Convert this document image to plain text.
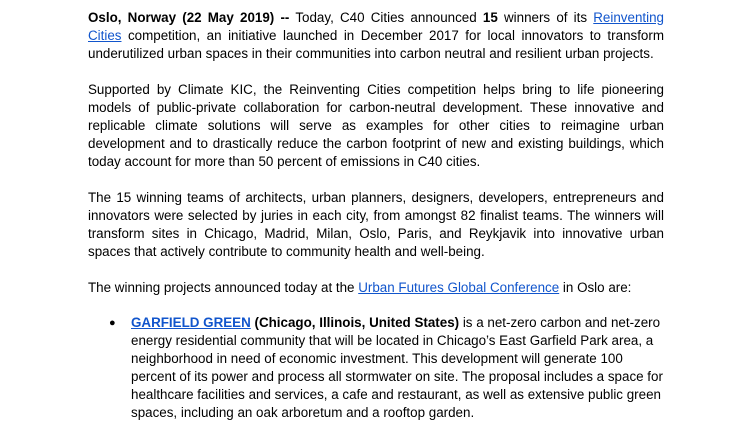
Oslo, Norway (22 May 2019) -- Today, C40 Cities announced 15 winners of its Reinventing Cities competition, an initiative launched in December 2017 for local innovators to transform underutilized urban spaces in their communities into carbon neutral and resilient urban projects.

Supported by Climate KIC, the Reinventing Cities competition helps bring to life pioneering models of public-private collaboration for carbon-neutral development. These innovative and replicable climate solutions will serve as examples for other cities to reimagine urban development and to drastically reduce the carbon footprint of new and existing buildings, which today account for more than 50 percent of emissions in C40 cities.

The 15 winning teams of architects, urban planners, designers, developers, entrepreneurs and innovators were selected by juries in each city, from amongst 82 finalist teams. The winners will transform sites in Chicago, Madrid, Milan, Oslo, Paris, and Reykjavik into innovative urban spaces that actively contribute to community health and well-being.

The winning projects announced today at the Urban Futures Global Conference in Oslo are:

● GARFIELD GREEN (Chicago, Illinois, United States) is a net-zero carbon and net-zero energy residential community that will be located in Chicago’s East Garfield Park area, a neighborhood in need of economic investment. This development will generate 100 percent of its power and process all stormwater on site. The proposal includes a space for healthcare facilities and services, a cafe and restaurant, as well as extensive public green spaces, including an oak arboretum and a rooftop garden.
